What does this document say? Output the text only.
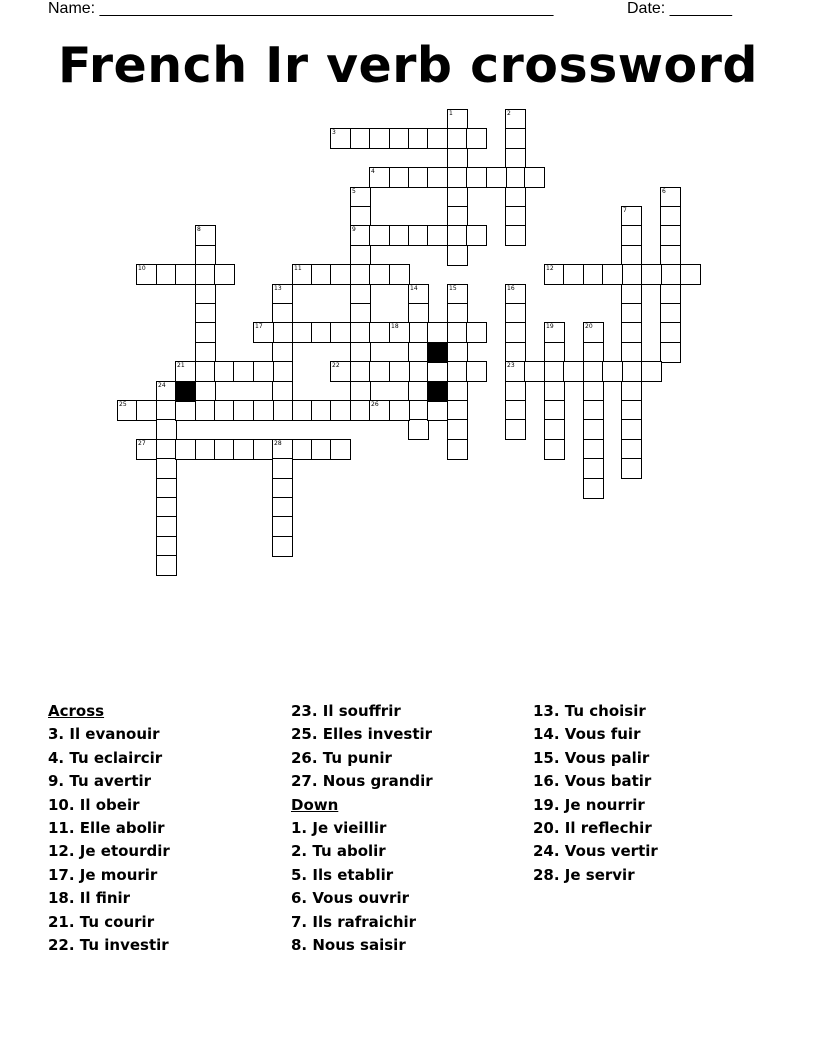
Name: ___________________________________________________	Date: _______
French Ir verb crossword
1	2
3
4
5
9
6
7
8
10	11	12
13	14	15	16
23
17	18	19	20
21	22
24
25	26
27	28
Across
3. Il evanouir
4. Tu eclaircir
9. Tu avertir
10. Il obeir
11. Elle abolir
12. Je etourdir
17. Je mourir
18. Il finir
21. Tu courir
22. Tu investir
23. Il souffrir
25. Elles investir
26. Tu punir
27. Nous grandir
Down
1. Je vieillir
2. Tu abolir
5. Ils etablir
6. Vous ouvrir
7. Ils rafraichir
8. Nous saisir
13. Tu choisir
14. Vous fuir
15. Vous palir
16. Vous batir
19. Je nourrir
20. Il reflechir
24. Vous vertir
28. Je servir
